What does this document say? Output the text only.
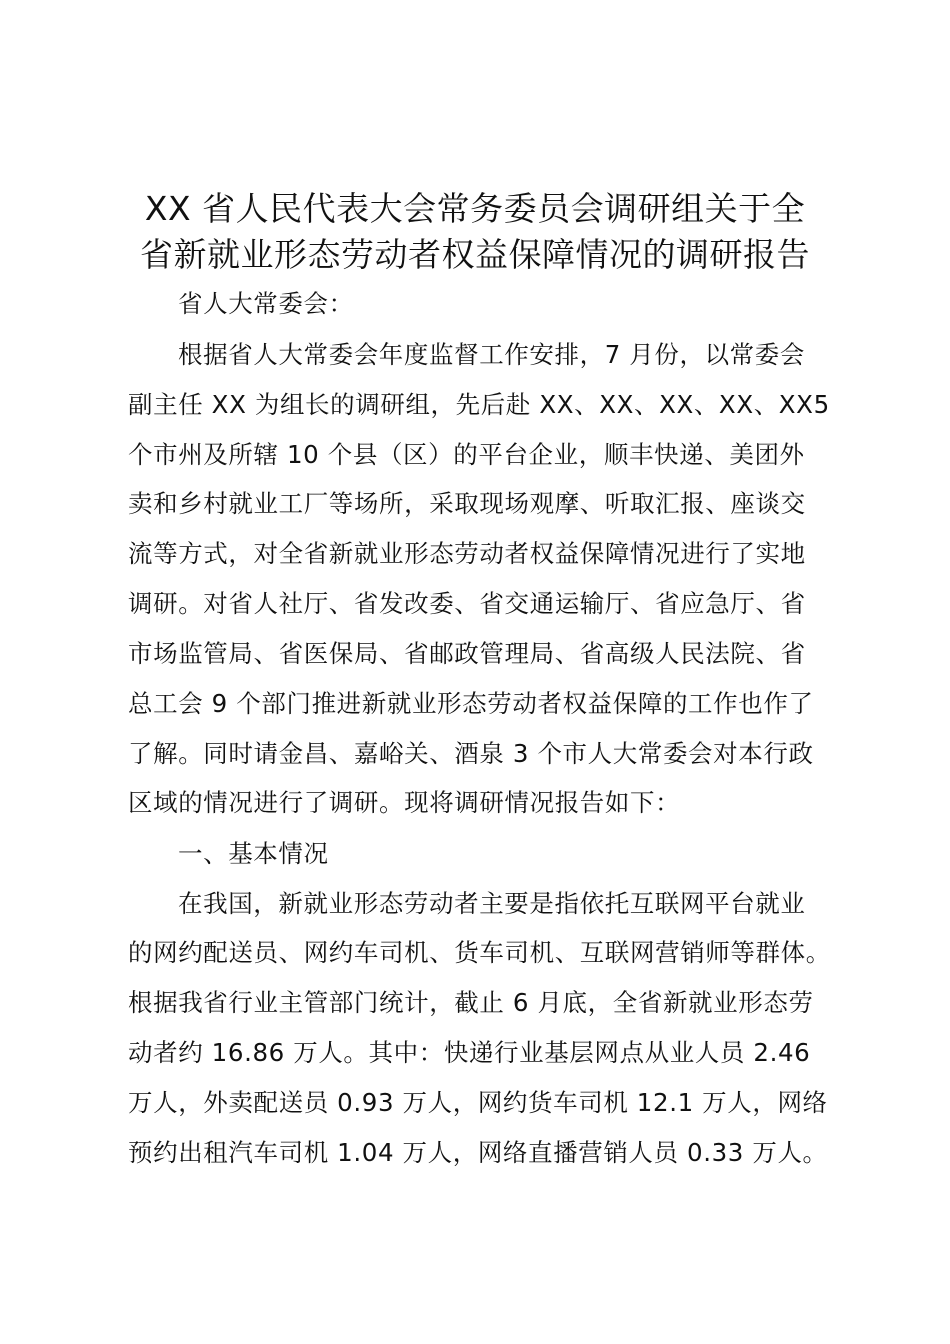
XX 省人民代表大会常务委员会调研组关于全
省新就业形态劳动者权益保障情况的调研报告
省人大常委会：
根据省人大常委会年度监督工作安排，7 月份，以常委会
副主任 XX 为组长的调研组，先后赴 XX、XX、XX、XX、XX5
个市州及所辖 10 个县（区）的平台企业，顺丰快递、美团外
卖和乡村就业工厂等场所，采取现场观摩、听取汇报、座谈交
流等方式，对全省新就业形态劳动者权益保障情况进行了实地
调研。对省人社厅、省发改委、省交通运输厅、省应急厅、省
市场监管局、省医保局、省邮政管理局、省高级人民法院、省
总工会 9 个部门推进新就业形态劳动者权益保障的工作也作了
了解。同时请金昌、嘉峪关、酒泉 3 个市人大常委会对本行政
区域的情况进行了调研。现将调研情况报告如下：
一、基本情况
在我国，新就业形态劳动者主要是指依托互联网平台就业
的网约配送员、网约车司机、货车司机、互联网营销师等群体。
根据我省行业主管部门统计，截止 6 月底，全省新就业形态劳
动者约 16.86 万人。其中：快递行业基层网点从业人员 2.46
万人，外卖配送员 0.93 万人，网约货车司机 12.1 万人，网络
预约出租汽车司机 1.04 万人，网络直播营销人员 0.33 万人。
